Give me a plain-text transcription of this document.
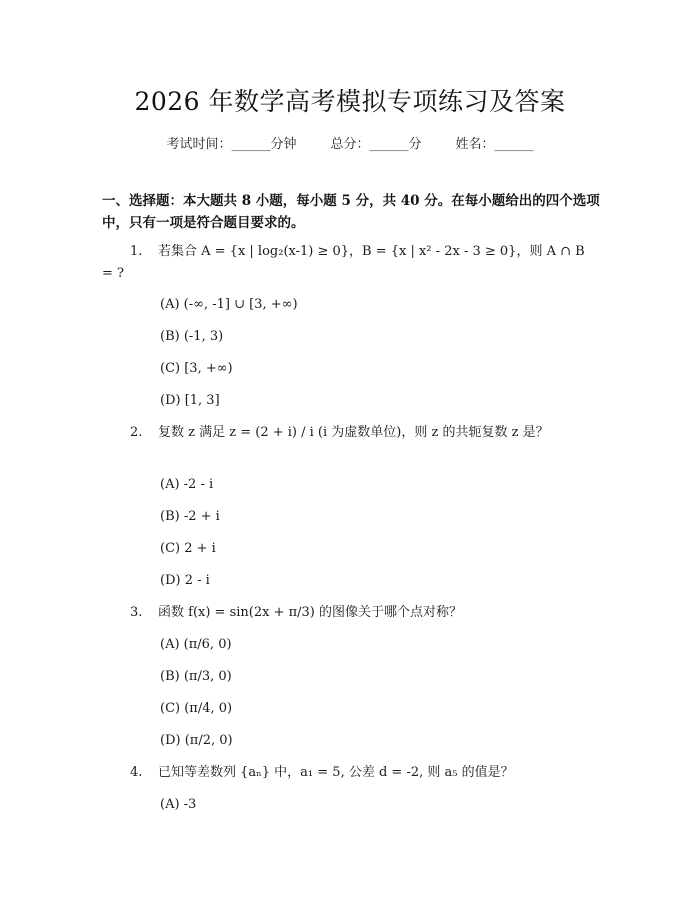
2026 年数学高考模拟专项练习及答案
考试时间：______分钟	总分：______分	姓名：______
一、选择题：本大题共 8 小题，每小题 5 分，共 40 分。在每小题给出的四个选项中，只有一项是符合题目要求的。
1. 若集合 A = {x | log₂(x-1) ≥ 0}，B = {x | x² - 2x - 3 ≥ 0}，则 A ∩ B = ?
(A) (-∞, -1] ∪ [3, +∞)
(B) (-1, 3)
(C) [3, +∞)
(D) [1, 3]
2. 复数 z 满足 z = (2 + i) / i (i 为虚数单位)，则 z 的共轭复数 z 是？
(A) -2 - i
(B) -2 + i
(C) 2 + i
(D) 2 - i
3. 函数 f(x) = sin(2x + π/3) 的图像关于哪个点对称？
(A) (π/6, 0)
(B) (π/3, 0)
(C) (π/4, 0)
(D) (π/2, 0)
4. 已知等差数列 {aₙ} 中，a₁ = 5, 公差 d = -2, 则 a₅ 的值是？
(A) -3
